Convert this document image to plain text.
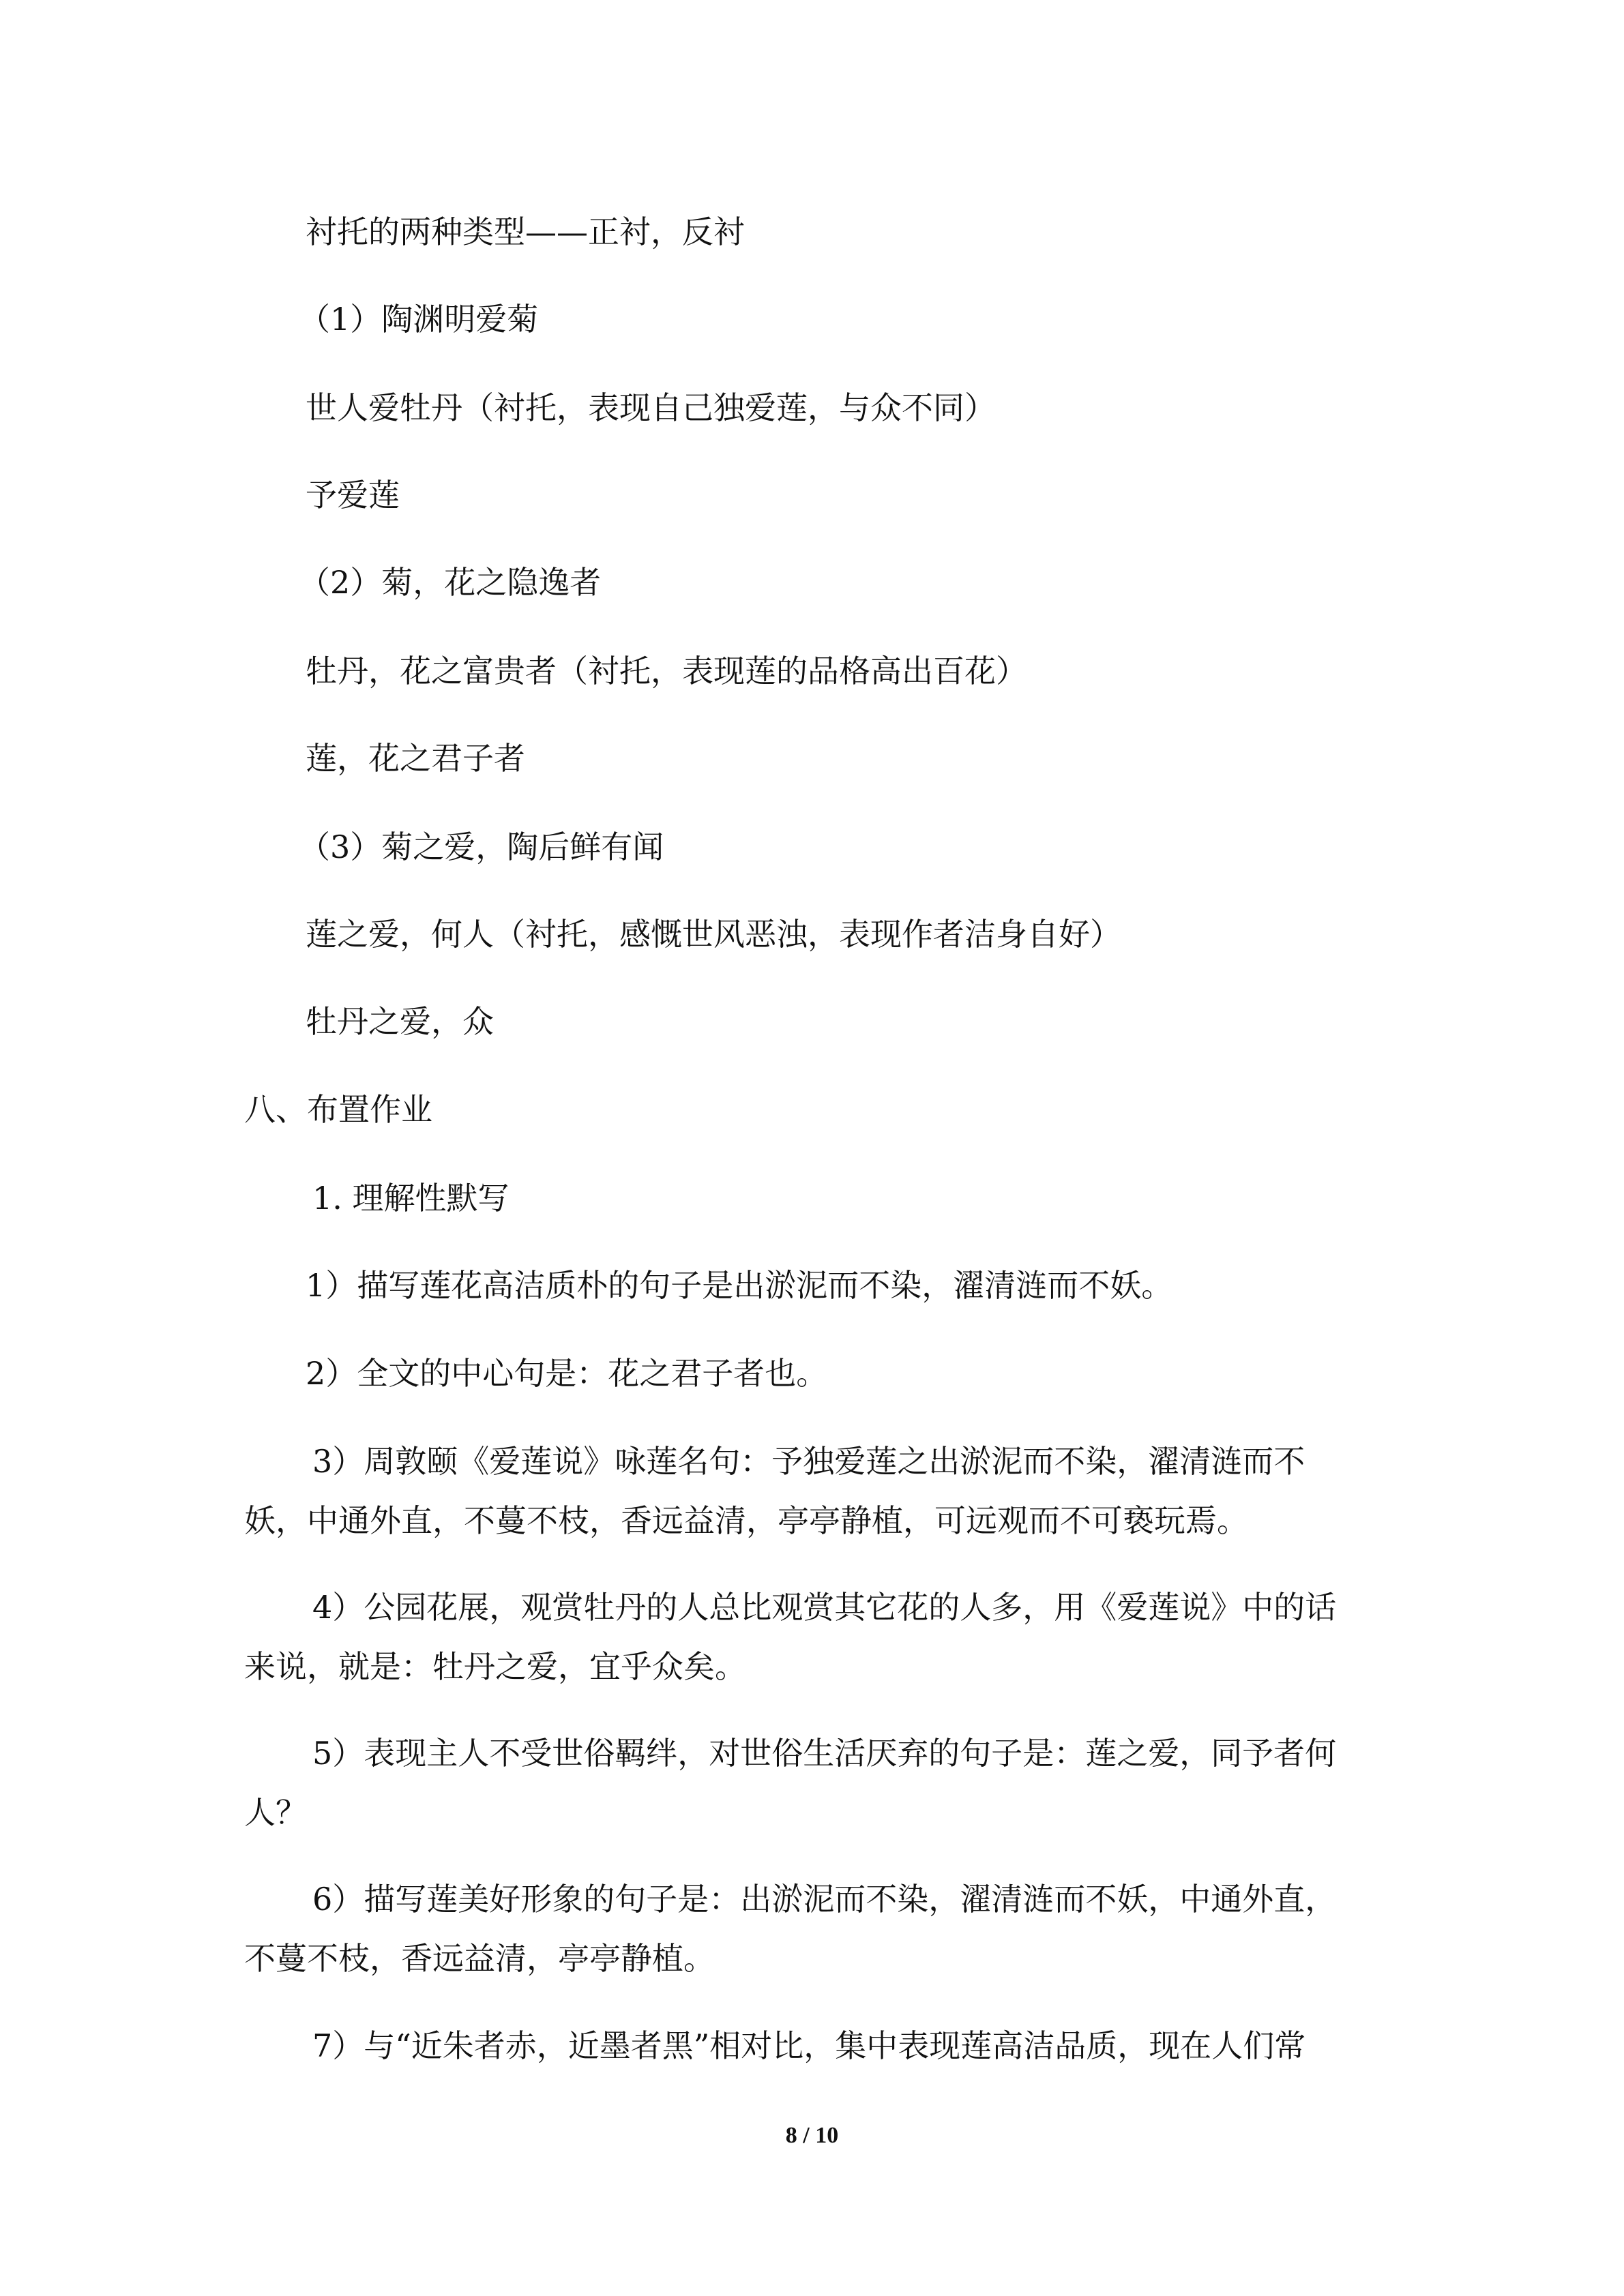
衬托的两种类型——正衬，反衬

（1）陶渊明爱菊

世人爱牡丹（衬托，表现自己独爱莲，与众不同）

予爱莲

（2）菊，花之隐逸者

牡丹，花之富贵者（衬托，表现莲的品格高出百花）

莲，花之君子者

（3）菊之爱，陶后鲜有闻

莲之爱，何人（衬托，感慨世风恶浊，表现作者洁身自好）

牡丹之爱，众

八、布置作业

1. 理解性默写

1）描写莲花高洁质朴的句子是出淤泥而不染，濯清涟而不妖。

2）全文的中心句是：花之君子者也。

3）周敦颐《爱莲说》咏莲名句：予独爱莲之出淤泥而不染，濯清涟而不

妖，中通外直，不蔓不枝，香远益清，亭亭静植，可远观而不可亵玩焉。

4）公园花展，观赏牡丹的人总比观赏其它花的人多，用《爱莲说》中的话

来说，就是：牡丹之爱，宜乎众矣。

5）表现主人不受世俗羁绊，对世俗生活厌弃的句子是：莲之爱，同予者何

人？

6）描写莲美好形象的句子是：出淤泥而不染，濯清涟而不妖，中通外直，

不蔓不枝，香远益清，亭亭静植。

7）与“近朱者赤，近墨者黑”相对比，集中表现莲高洁品质，现在人们常

8 / 10
